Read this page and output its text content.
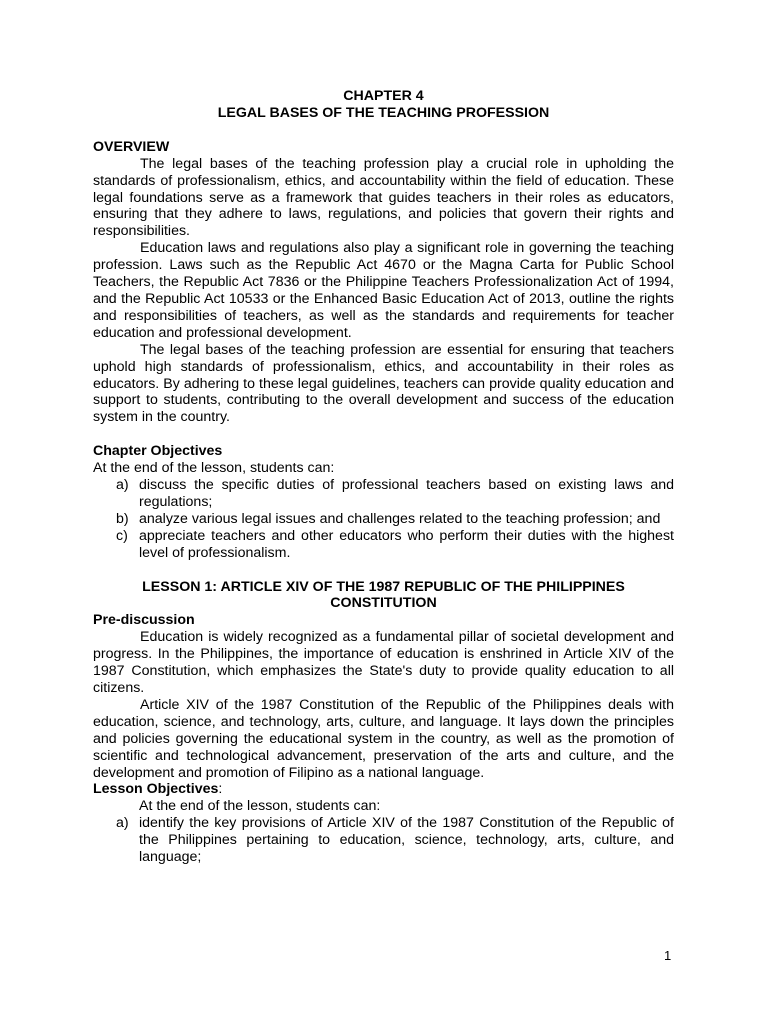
CHAPTER 4

LEGAL BASES OF THE TEACHING PROFESSION

OVERVIEW

The legal bases of the teaching profession play a crucial role in upholding the standards of professionalism, ethics, and accountability within the field of education. These legal foundations serve as a framework that guides teachers in their roles as educators, ensuring that they adhere to laws, regulations, and policies that govern their rights and responsibilities.

Education laws and regulations also play a significant role in governing the teaching profession. Laws such as the Republic Act 4670 or the Magna Carta for Public School Teachers, the Republic Act 7836 or the Philippine Teachers Professionalization Act of 1994, and the Republic Act 10533 or the Enhanced Basic Education Act of 2013, outline the rights and responsibilities of teachers, as well as the standards and requirements for teacher education and professional development.

The legal bases of the teaching profession are essential for ensuring that teachers uphold high standards of professionalism, ethics, and accountability in their roles as educators. By adhering to these legal guidelines, teachers can provide quality education and support to students, contributing to the overall development and success of the education system in the country.

Chapter Objectives

At the end of the lesson, students can:

a) discuss the specific duties of professional teachers based on existing laws and regulations;
b) analyze various legal issues and challenges related to the teaching profession; and
c) appreciate teachers and other educators who perform their duties with the highest level of professionalism.

LESSON 1: ARTICLE XIV OF THE 1987 REPUBLIC OF THE PHILIPPINES CONSTITUTION

Pre-discussion

Education is widely recognized as a fundamental pillar of societal development and progress. In the Philippines, the importance of education is enshrined in Article XIV of the 1987 Constitution, which emphasizes the State's duty to provide quality education to all citizens.

Article XIV of the 1987 Constitution of the Republic of the Philippines deals with education, science, and technology, arts, culture, and language. It lays down the principles and policies governing the educational system in the country, as well as the promotion of scientific and technological advancement, preservation of the arts and culture, and the development and promotion of Filipino as a national language.

Lesson Objectives:

At the end of the lesson, students can:

a) identify the key provisions of Article XIV of the 1987 Constitution of the Republic of the Philippines pertaining to education, science, technology, arts, culture, and language;
1
